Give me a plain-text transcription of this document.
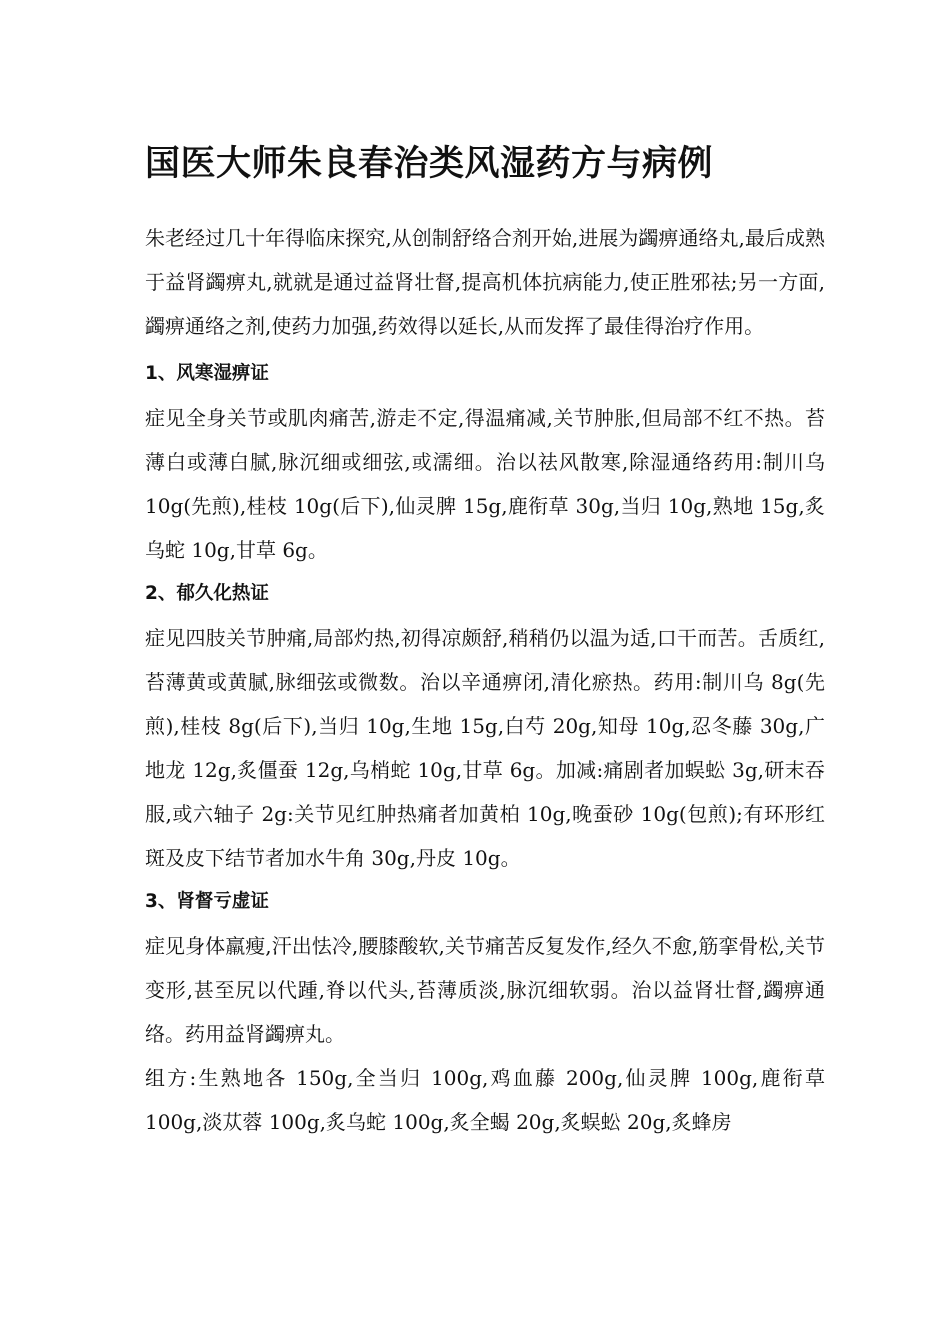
国医大师朱良春治类风湿药方与病例

朱老经过几十年得临床探究,从创制舒络合剂开始,进展为蠲痹通络丸,最后成熟于益肾蠲痹丸,就就是通过益肾壮督,提高机体抗病能力,使正胜邪祛;另一方面,蠲痹通络之剂,使药力加强,药效得以延长,从而发挥了最佳得治疗作用。

1、风寒湿痹证

症见全身关节或肌肉痛苦,游走不定,得温痛减,关节肿胀,但局部不红不热。苔薄白或薄白腻,脉沉细或细弦,或濡细。治以祛风散寒,除湿通络药用:制川乌 10g(先煎),桂枝 10g(后下),仙灵脾 15g,鹿衔草 30g,当归 10g,熟地 15g,炙乌蛇 10g,甘草 6g。

2、郁久化热证

症见四肢关节肿痛,局部灼热,初得凉颇舒,稍稍仍以温为适,口干而苦。舌质红,苔薄黄或黄腻,脉细弦或微数。治以辛通痹闭,清化瘀热。药用:制川乌 8g(先煎),桂枝 8g(后下),当归 10g,生地 15g,白芍 20g,知母 10g,忍冬藤 30g,广地龙 12g,炙僵蚕 12g,乌梢蛇 10g,甘草 6g。加减:痛剧者加蜈蚣 3g,研末吞服,或六轴子 2g:关节见红肿热痛者加黄柏 10g,晚蚕砂 10g(包煎);有环形红斑及皮下结节者加水牛角 30g,丹皮 10g。

3、肾督亏虚证

症见身体羸瘦,汗出怯冷,腰膝酸软,关节痛苦反复发作,经久不愈,筋挛骨松,关节变形,甚至尻以代踵,脊以代头,苔薄质淡,脉沉细软弱。治以益肾壮督,蠲痹通络。药用益肾蠲痹丸。

组方:生熟地各 150g,全当归 100g,鸡血藤 200g,仙灵脾 100g,鹿衔草 100g,淡苁蓉 100g,炙乌蛇 100g,炙全蝎 20g,炙蜈蚣 20g,炙蜂房
